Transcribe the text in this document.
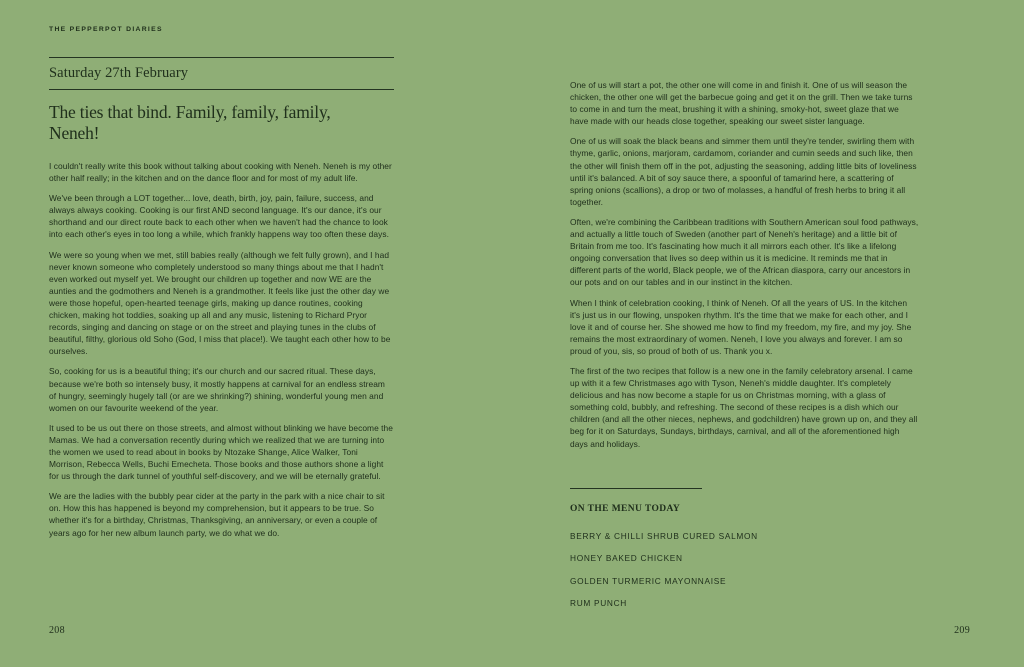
THE PEPPERPOT DIARIES
Saturday 27th February
The ties that bind. Family, family, family,
Neneh!

I couldn't really write this book without talking about cooking with Neneh. Neneh is my other other half really; in the kitchen and on the dance floor and for most of my adult life.

We've been through a LOT together... love, death, birth, joy, pain, failure, success, and always always cooking. Cooking is our first AND second language. It's our dance, it's our shorthand and our direct route back to each other when we haven't had the chance to look into each other's eyes in too long a while, which frankly happens way too often these days.

We were so young when we met, still babies really (although we felt fully grown), and I had never known someone who completely understood so many things about me that I hadn't even worked out myself yet. We brought our children up together and now WE are the aunties and the godmothers and Neneh is a grandmother. It feels like just the other day we were those hopeful, open-hearted teenage girls, making up dance routines, cooking chicken, making hot toddies, soaking up all and any music, listening to Richard Pryor records, singing and dancing on stage or on the street and playing tunes in the clubs of beautiful, filthy, glorious old Soho (God, I miss that place!). We taught each other how to be ourselves.

So, cooking for us is a beautiful thing; it's our church and our sacred ritual. These days, because we're both so intensely busy, it mostly happens at carnival for an endless stream of hungry, seemingly hugely tall (or are we shrinking?) shining, wonderful young men and women on our favourite weekend of the year.

It used to be us out there on those streets, and almost without blinking we have become the Mamas. We had a conversation recently during which we realized that we are turning into the women we used to read about in books by Ntozake Shange, Alice Walker, Toni Morrison, Rebecca Wells, Buchi Emecheta. Those books and those authors shone a light for us through the dark tunnel of youthful self-discovery, and we will be eternally grateful.

We are the ladies with the bubbly pear cider at the party in the park with a nice chair to sit on. How this has happened is beyond my comprehension, but it appears to be true. So whether it's for a birthday, Christmas, Thanksgiving, an anniversary, or even a couple of years ago for her new album launch party, we do what we do.

One of us will start a pot, the other one will come in and finish it. One of us will season the chicken, the other one will get the barbecue going and get it on the grill. Then we take turns to come in and turn the meat, brushing it with a shining, smoky-hot, sweet glaze that we have made with our heads close together, speaking our sweet sister language.

One of us will soak the black beans and simmer them until they're tender, swirling them with thyme, garlic, onions, marjoram, cardamom, coriander and cumin seeds and such like, then the other will finish them off in the pot, adjusting the seasoning, adding little bits of loveliness until it's balanced. A bit of soy sauce there, a spoonful of tamarind here, a scattering of spring onions (scallions), a drop or two of molasses, a handful of fresh herbs to bring it all together.

Often, we're combining the Caribbean traditions with Southern American soul food pathways, and actually a little touch of Sweden (another part of Neneh's heritage) and a little bit of Britain from me too. It's fascinating how much it all mirrors each other. It's like a lifelong ongoing conversation that lives so deep within us it is medicine. It reminds me that in different parts of the world, Black people, we of the African diaspora, carry our ancestors in our pots and on our tables and in our instinct in the kitchen.

When I think of celebration cooking, I think of Neneh. Of all the years of US. In the kitchen it's just us in our flowing, unspoken rhythm. It's the time that we make for each other, and I love it and of course her. She showed me how to find my freedom, my fire, and my joy. She remains the most extraordinary of women. Neneh, I love you always and forever. I am so proud of you, sis, so proud of both of us. Thank you x.

The first of the two recipes that follow is a new one in the family celebratory arsenal. I came up with it a few Christmases ago with Tyson, Neneh's middle daughter. It's completely delicious and has now become a staple for us on Christmas morning, with a glass of something cold, bubbly, and refreshing. The second of these recipes is a dish which our children (and all the other nieces, nephews, and godchildren) have grown up on, and they all beg for it on Saturdays, Sundays, birthdays, carnival, and all of the aforementioned high days and holidays.

ON THE MENU TODAY
BERRY & CHILLI SHRUB CURED SALMON
HONEY BAKED CHICKEN
GOLDEN TURMERIC MAYONNAISE
RUM PUNCH
208	209
